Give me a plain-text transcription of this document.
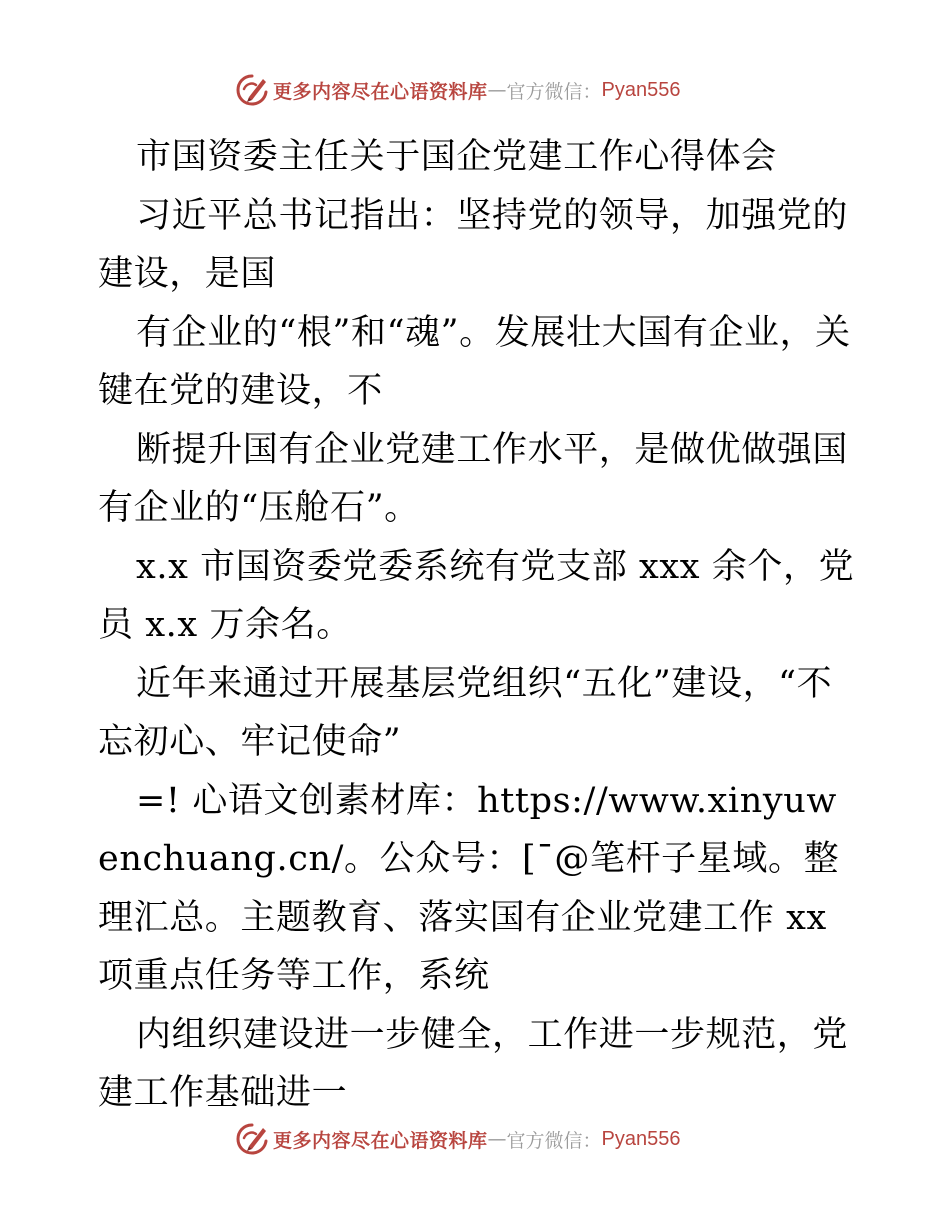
更多内容尽在心语资料库 — 官方微信： Pyan556

市国资委主任关于国企党建工作心得体会

习近平总书记指出：坚持党的领导，加强党的建设，是国

有企业的“根”和“魂”。发展壮大国有企业，关键在党的建设，不

断提升国有企业党建工作水平，是做优做强国有企业的“压舱石”。

x.x 市国资委党委系统有党支部 xxx 余个，党员 x.x 万余名。

近年来通过开展基层党组织“五化”建设，“不忘初心、牢记使命”

=! 心语文创素材库：https://www.xinyuwenchuang.cn/。公众号：[¯@笔杆子星域。整理汇总。主题教育、落实国有企业党建工作 xx 项重点任务等工作，系统

内组织建设进一步健全，工作进一步规范，党建工作基础进一

更多内容尽在心语资料库 — 官方微信： Pyan556
